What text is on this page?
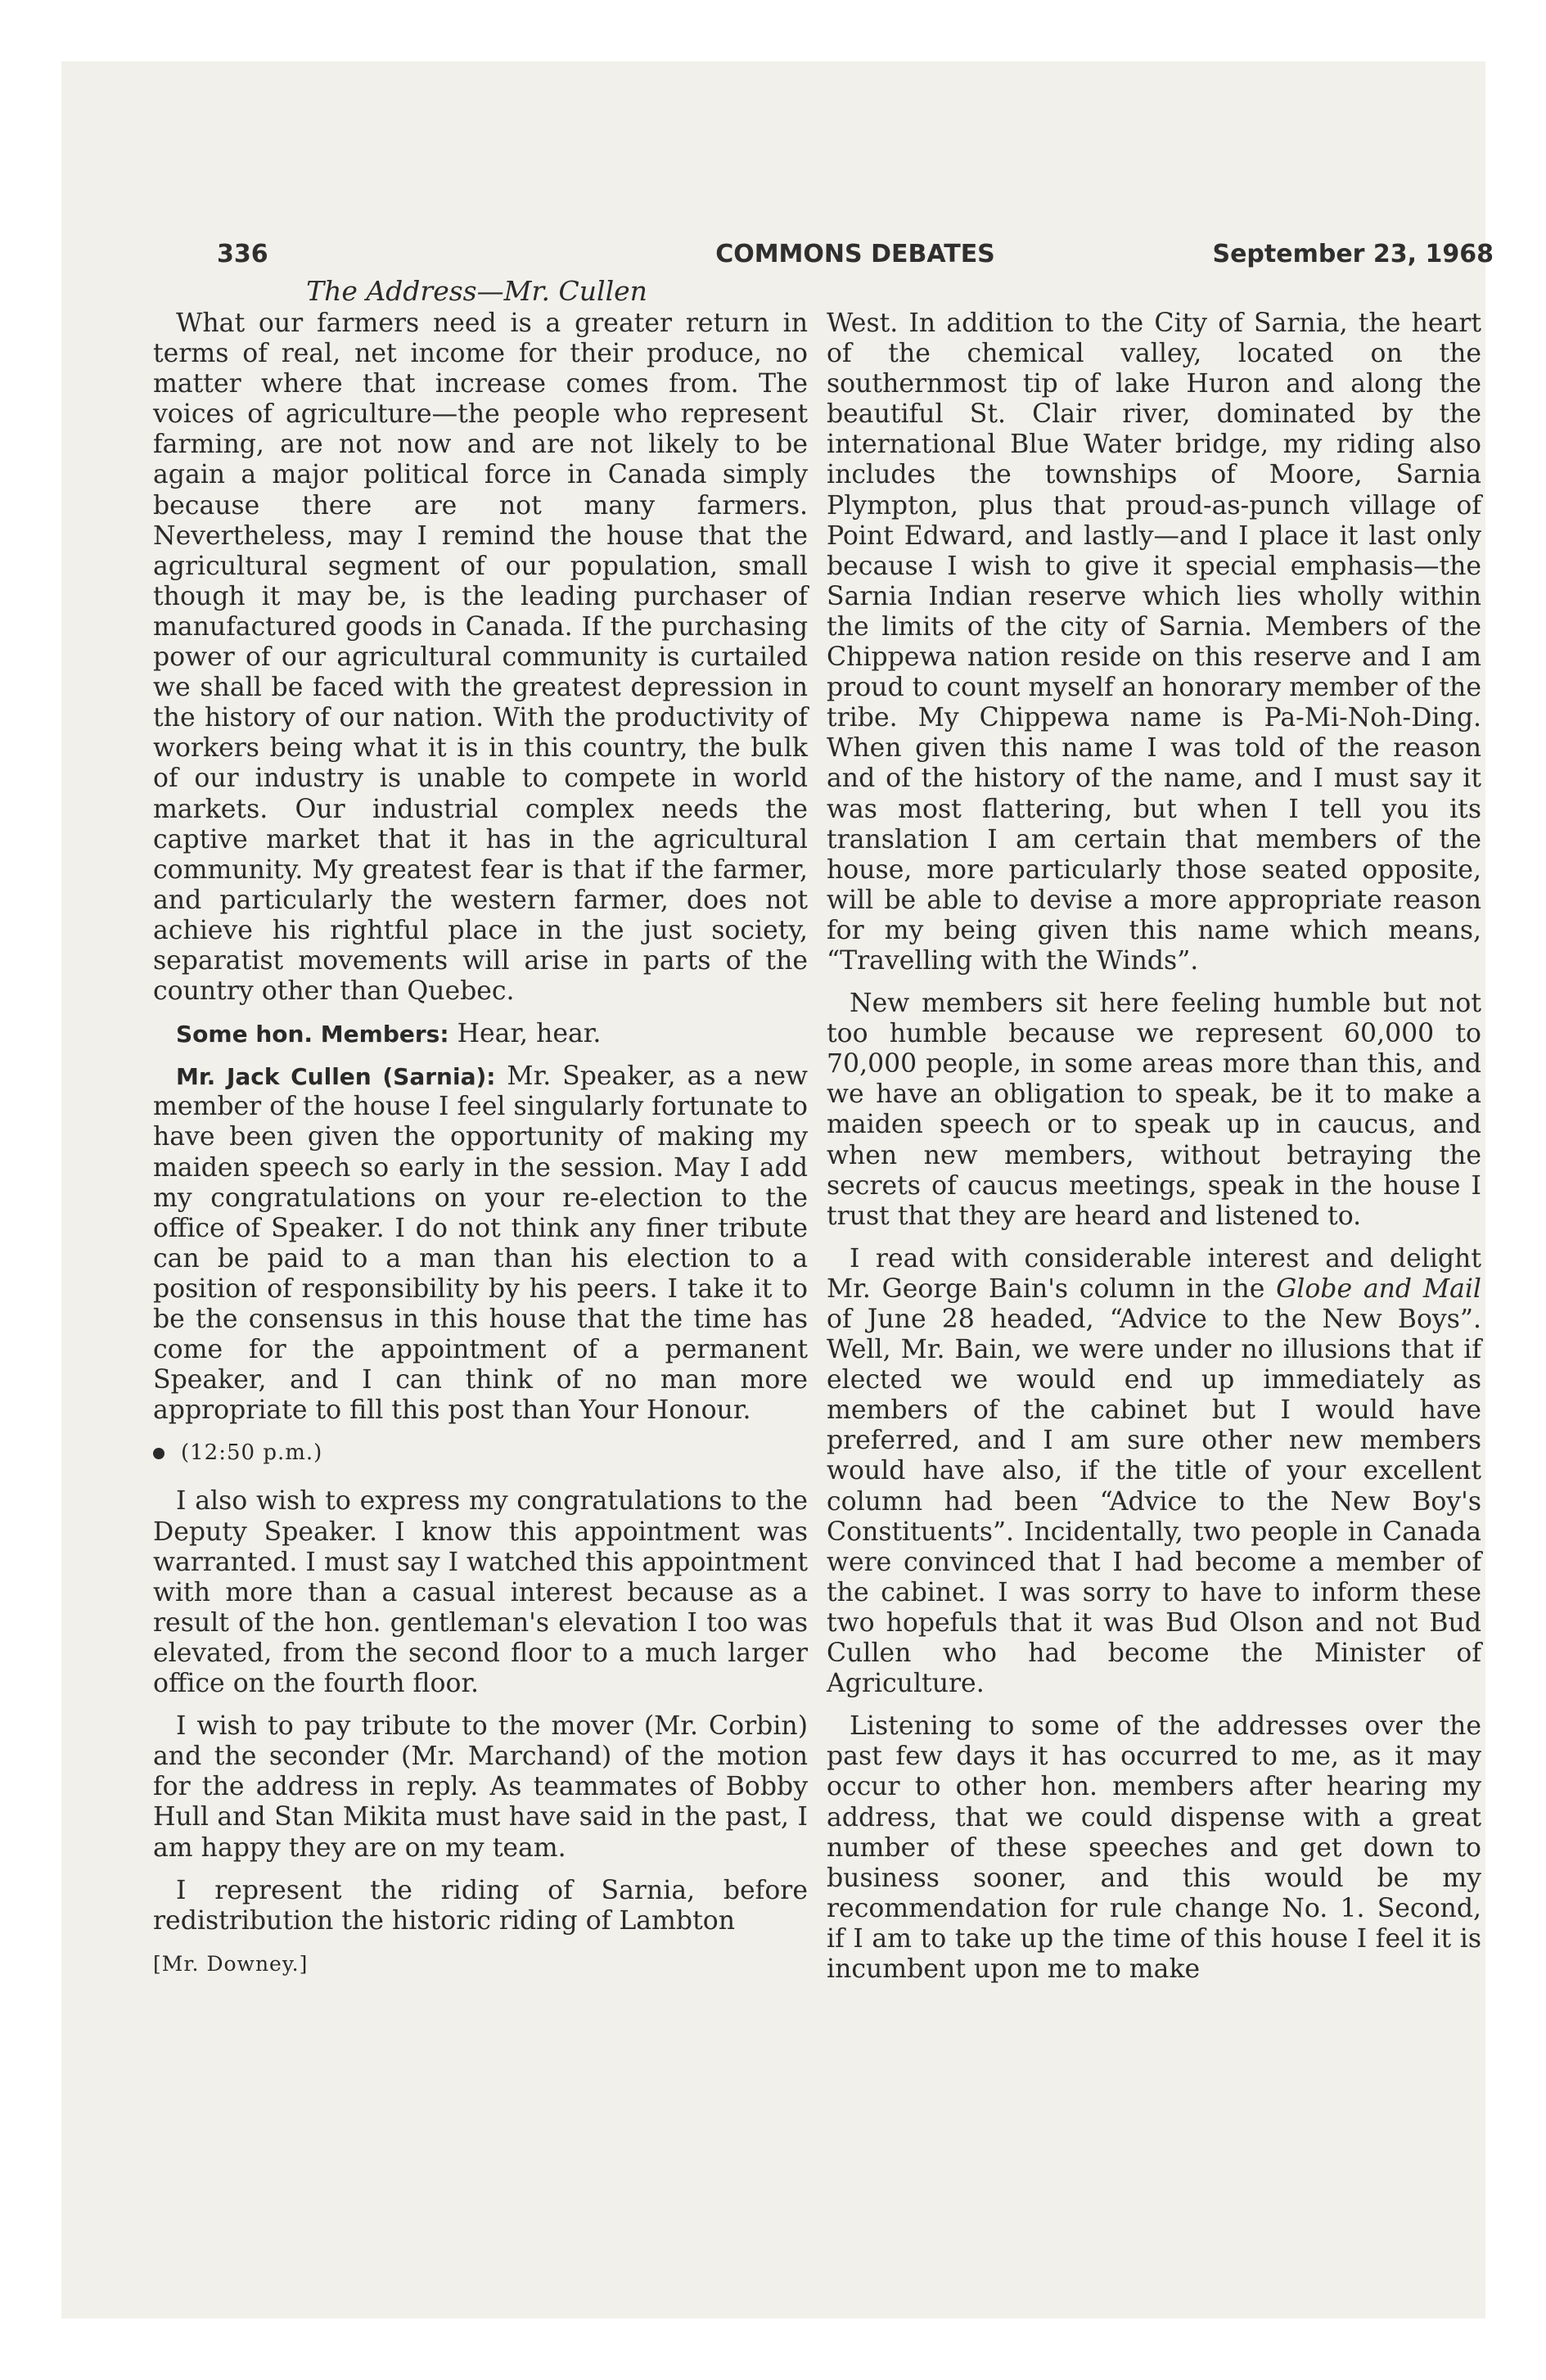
336	COMMONS DEBATES	September 23, 1968
The Address—Mr. Cullen

What our farmers need is a greater return in terms of real, net income for their produce, no matter where that increase comes from. The voices of agriculture—the people who represent farming, are not now and are not likely to be again a major political force in Canada simply because there are not many farmers. Nevertheless, may I remind the house that the agricultural segment of our population, small though it may be, is the leading purchaser of manufactured goods in Canada. If the purchasing power of our agricultural community is curtailed we shall be faced with the greatest depression in the history of our nation. With the productivity of workers being what it is in this country, the bulk of our industry is unable to compete in world markets. Our industrial complex needs the captive market that it has in the agricultural community. My greatest fear is that if the farmer, and particularly the western farmer, does not achieve his rightful place in the just society, separatist movements will arise in parts of the country other than Quebec.

Some hon. Members: Hear, hear.

Mr. Jack Cullen (Sarnia): Mr. Speaker, as a new member of the house I feel singularly fortunate to have been given the opportunity of making my maiden speech so early in the session. May I add my congratulations on your re-election to the office of Speaker. I do not think any finer tribute can be paid to a man than his election to a position of responsibility by his peers. I take it to be the consensus in this house that the time has come for the appointment of a permanent Speaker, and I can think of no man more appropriate to fill this post than Your Honour.

(12:50 p.m.)

I also wish to express my congratulations to the Deputy Speaker. I know this appointment was warranted. I must say I watched this appointment with more than a casual interest because as a result of the hon. gentleman's elevation I too was elevated, from the second floor to a much larger office on the fourth floor.

I wish to pay tribute to the mover (Mr. Corbin) and the seconder (Mr. Marchand) of the motion for the address in reply. As teammates of Bobby Hull and Stan Mikita must have said in the past, I am happy they are on my team.

I represent the riding of Sarnia, before redistribution the historic riding of Lambton

[Mr. Downey.]

West. In addition to the City of Sarnia, the heart of the chemical valley, located on the southernmost tip of lake Huron and along the beautiful St. Clair river, dominated by the international Blue Water bridge, my riding also includes the townships of Moore, Sarnia Plympton, plus that proud-as-punch village of Point Edward, and lastly—and I place it last only because I wish to give it special emphasis—the Sarnia Indian reserve which lies wholly within the limits of the city of Sarnia. Members of the Chippewa nation reside on this reserve and I am proud to count myself an honorary member of the tribe. My Chippewa name is Pa-Mi-Noh-Ding. When given this name I was told of the reason and of the history of the name, and I must say it was most flattering, but when I tell you its translation I am certain that members of the house, more particularly those seated opposite, will be able to devise a more appropriate reason for my being given this name which means, “Travelling with the Winds”.

New members sit here feeling humble but not too humble because we represent 60,000 to 70,000 people, in some areas more than this, and we have an obligation to speak, be it to make a maiden speech or to speak up in caucus, and when new members, without betraying the secrets of caucus meetings, speak in the house I trust that they are heard and listened to.

I read with considerable interest and delight Mr. George Bain's column in the Globe and Mail of June 28 headed, “Advice to the New Boys”. Well, Mr. Bain, we were under no illusions that if elected we would end up immediately as members of the cabinet but I would have preferred, and I am sure other new members would have also, if the title of your excellent column had been “Advice to the New Boy's Constituents”. Incidentally, two people in Canada were convinced that I had become a member of the cabinet. I was sorry to have to inform these two hopefuls that it was Bud Olson and not Bud Cullen who had become the Minister of Agriculture.

Listening to some of the addresses over the past few days it has occurred to me, as it may occur to other hon. members after hearing my address, that we could dispense with a great number of these speeches and get down to business sooner, and this would be my recommendation for rule change No. 1. Second, if I am to take up the time of this house I feel it is incumbent upon me to make
